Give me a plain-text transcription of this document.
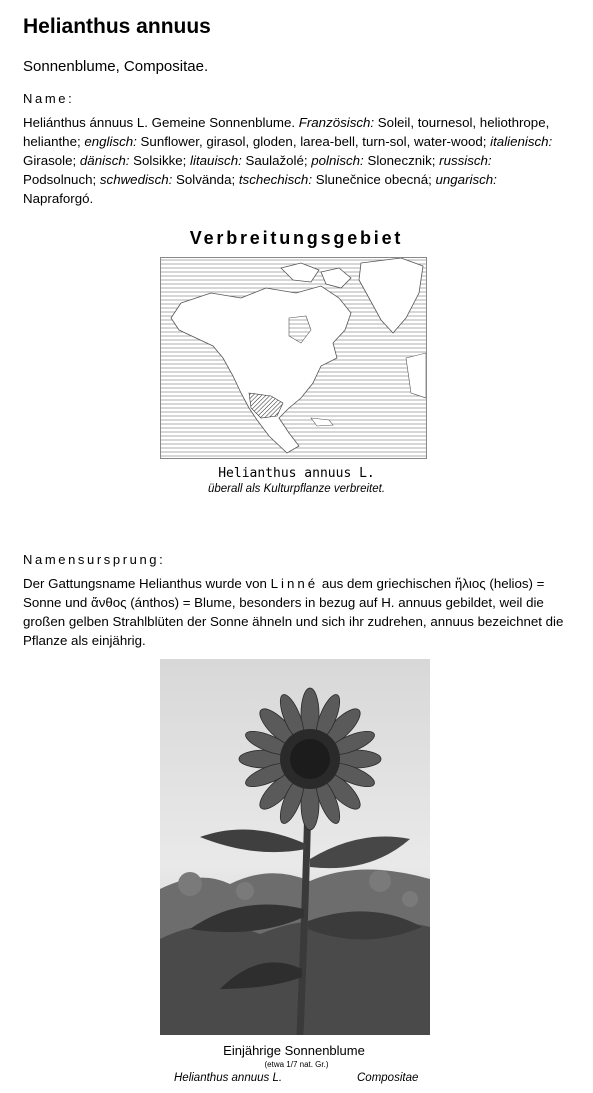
Helianthus annuus
Sonnenblume, Compositae.
Name:
Heliánthus ánnuus L. Gemeine Sonnenblume. Französisch: Soleil, tournesol, heliothrope, helianthe; englisch: Sunflower, girasol, gloden, larea-bell, turn-sol, water-wood; italienisch: Girasole; dänisch: Solsikke; litauisch: Saulažolé; polnisch: Slonecznik; russisch: Podsolnuch; schwedisch: Solvända; tschechisch: Slunečnice obecná; ungarisch: Napraforgó.
Verbreitungsgebiet
Helianthus annuus L.
überall als Kulturpflanze verbreitet.
Namensursprung:
Der Gattungsname Helianthus wurde von Linné aus dem griechischen ἥλιος (helios) = Sonne und ἄνθος (ánthos) = Blume, besonders in bezug auf H. annuus gebildet, weil die großen gelben Strahlblüten der Sonne ähneln und sich ihr zudrehen, annuus bezeichnet die Pflanze als einjährig.
Einjährige Sonnenblume
(etwa 1/7 nat. Gr.)
Helianthus annuus L.	Compositae
